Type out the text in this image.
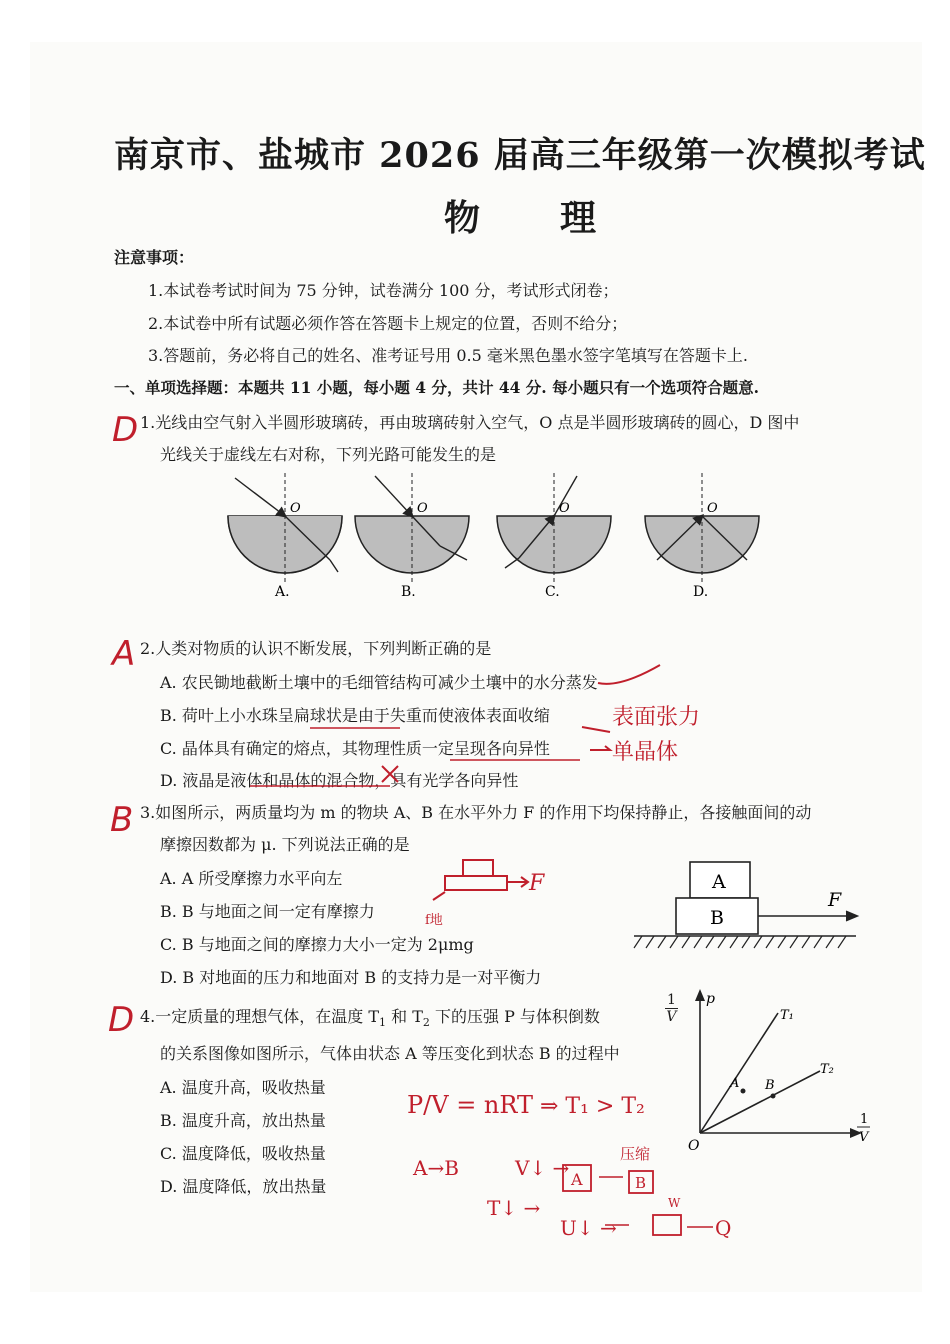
南京市、盐城市 2026 届高三年级第一次模拟考试
物　理
注意事项：
1.本试卷考试时间为 75 分钟，试卷满分 100 分，考试形式闭卷；
2.本试卷中所有试题必须作答在答题卡上规定的位置，否则不给分；
3.答题前，务必将自己的姓名、准考证号用 0.5 毫米黑色墨水签字笔填写在答题卡上.
一、单项选择题：本题共 11 小题，每小题 4 分，共计 44 分. 每小题只有一个选项符合题意.
D 1.光线由空气射入半圆形玻璃砖，再由玻璃砖射入空气，O 点是半圆形玻璃砖的圆心，D 图中
光线关于虚线左右对称，下列光路可能发生的是
O
A.
O
B.
O
C.
O
D.
A 2.人类对物质的认识不断发展，下列判断正确的是
A. 农民锄地截断土壤中的毛细管结构可减少土壤中的水分蒸发
B. 荷叶上小水珠呈扁球状是由于失重而使液体表面收缩
C. 晶体具有确定的熔点，其物理性质一定呈现各向异性
D. 液晶是液体和晶体的混合物，具有光学各向异性
表面张力
单晶体
B 3.如图所示，两质量均为 m 的物块 A、B 在水平外力 F 的作用下均保持静止，各接触面间的动
摩擦因数都为 μ. 下列说法正确的是
A. A 所受摩擦力水平向左
B. B 与地面之间一定有摩擦力
C. B 与地面之间的摩擦力大小一定为 2μmg
D. B 对地面的压力和地面对 B 的支持力是一对平衡力
F
f地
A
B
F
D 4.一定质量的理想气体，在温度 $T_1$ 和 $T_2$ 下的压强 P 与体积倒数	$\frac{1}{V}$
的关系图像如图所示，气体由状态 A 等压变化到状态 B 的过程中
A. 温度升高，吸收热量
B. 温度升高，放出热量
C. 温度降低，吸收热量
D. 温度降低，放出热量
p
O
1
V
T₁
T₂
A B
P/V = nRT ⇒ T₁ > T₂
A→B	V↓ →
T↓ →
U↓ →
A	B
压缩
W
Q
